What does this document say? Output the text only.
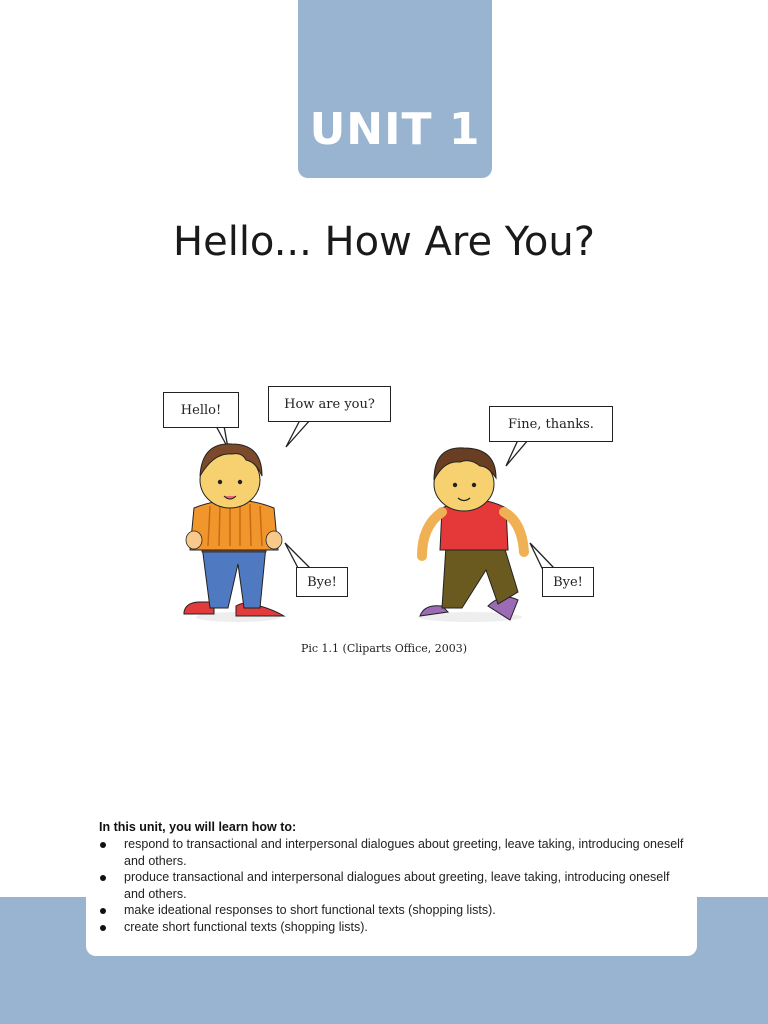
UNIT 1
Hello... How Are You?
Hello!	How are you?
Fine, thanks.
Bye!	Bye!
Pic 1.1 (Cliparts Office, 2003)
In this unit, you will learn how to:
respond to transactional and interpersonal dialogues about greeting, leave taking, introducing oneself and others.
produce transactional and interpersonal dialogues about greeting, leave taking, introducing oneself and others.
make ideational responses to short functional texts (shopping lists).
create short functional texts (shopping lists).
